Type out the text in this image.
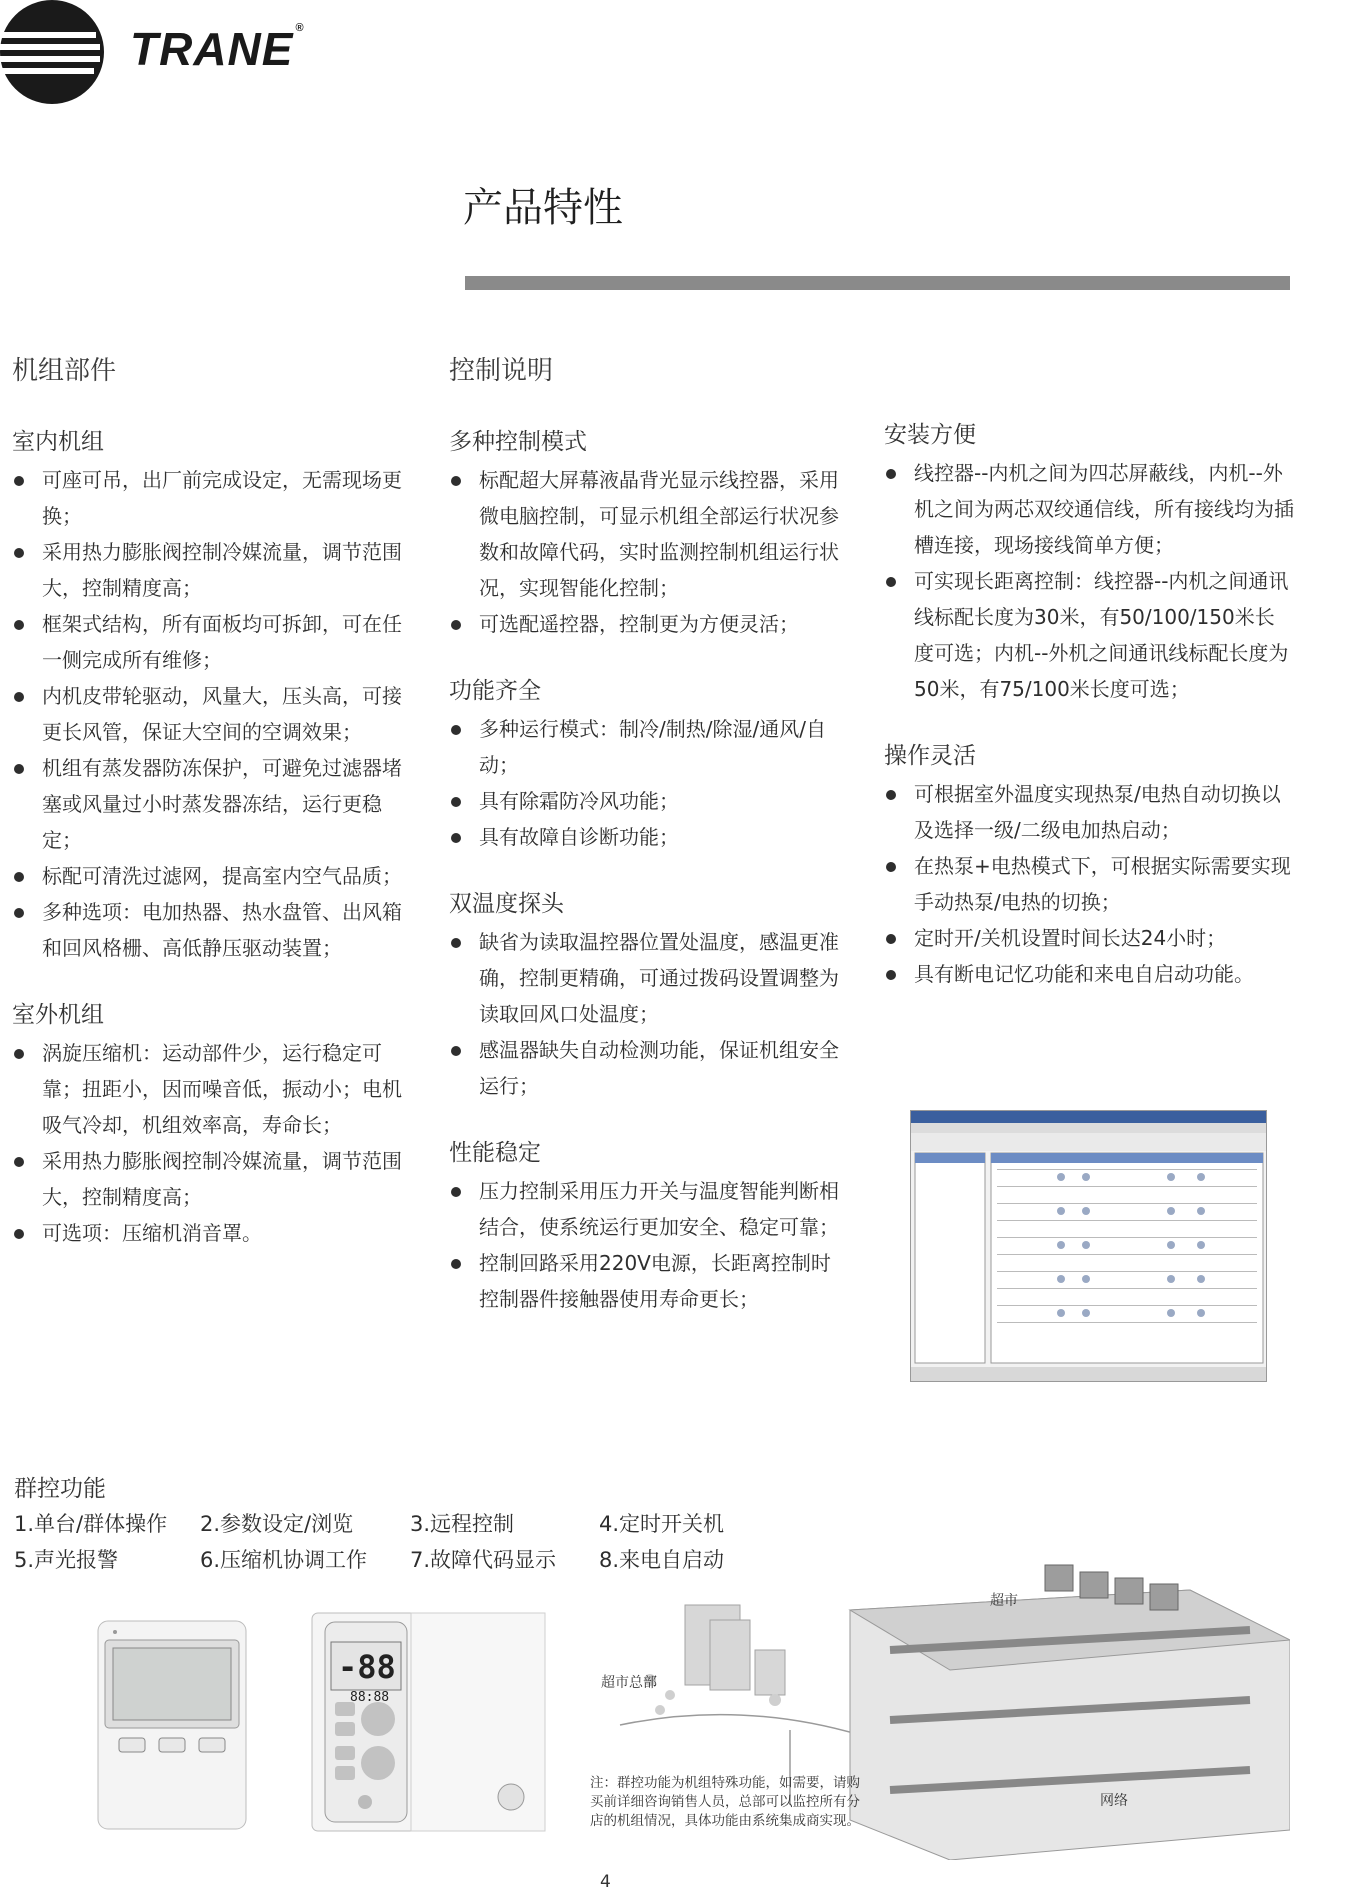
TRANE ®
产品特性
机组部件
室内机组
可座可吊，出厂前完成设定，无需现场更换；
采用热力膨胀阀控制冷媒流量，调节范围大，控制精度高；
框架式结构，所有面板均可拆卸，可在任一侧完成所有维修；
内机皮带轮驱动，风量大，压头高，可接更长风管，保证大空间的空调效果；
机组有蒸发器防冻保护，可避免过滤器堵塞或风量过小时蒸发器冻结，运行更稳定；
标配可清洗过滤网，提高室内空气品质；
多种选项：电加热器、热水盘管、出风箱和回风格栅、高低静压驱动装置；
室外机组
涡旋压缩机：运动部件少，运行稳定可靠；扭距小，因而噪音低，振动小；电机吸气冷却，机组效率高，寿命长；
采用热力膨胀阀控制冷媒流量，调节范围大，控制精度高；
可选项：压缩机消音罩。
控制说明
多种控制模式
标配超大屏幕液晶背光显示线控器，采用微电脑控制，可显示机组全部运行状况参数和故障代码，实时监测控制机组运行状况，实现智能化控制；
可选配遥控器，控制更为方便灵活；
功能齐全
多种运行模式：制冷/制热/除湿/通风/自动；
具有除霜防冷风功能；
具有故障自诊断功能；
双温度探头
缺省为读取温控器位置处温度，感温更准确，控制更精确，可通过拨码设置调整为读取回风口处温度；
感温器缺失自动检测功能，保证机组安全运行；
性能稳定
压力控制采用压力开关与温度智能判断相结合，使系统运行更加安全、稳定可靠；
控制回路采用220V电源，长距离控制时控制器件接触器使用寿命更长；
安装方便
线控器--内机之间为四芯屏蔽线，内机--外机之间为两芯双绞通信线，所有接线均为插槽连接，现场接线简单方便；
可实现长距离控制：线控器--内机之间通讯线标配长度为30米，有50/100/150米长度可选；内机--外机之间通讯线标配长度为50米，有75/100米长度可选；
操作灵活
可根据室外温度实现热泵/电热自动切换以及选择一级/二级电加热启动；
在热泵+电热模式下，可根据实际需要实现手动热泵/电热的切换；
定时开/关机设置时间长达24小时；
具有断电记忆功能和来电自启动功能。
群控功能
1.单台/群体操作 2.参数设定/浏览	3.远程控制	4.定时开关机
5.声光报警	6.压缩机协调工作 7.故障代码显示 8.来电自启动
-88
88:88
超市
超市总部
网络
注：群控功能为机组特殊功能，如需要，请购买前详细咨询销售人员，总部可以监控所有分店的机组情况，具体功能由系统集成商实现。
4
